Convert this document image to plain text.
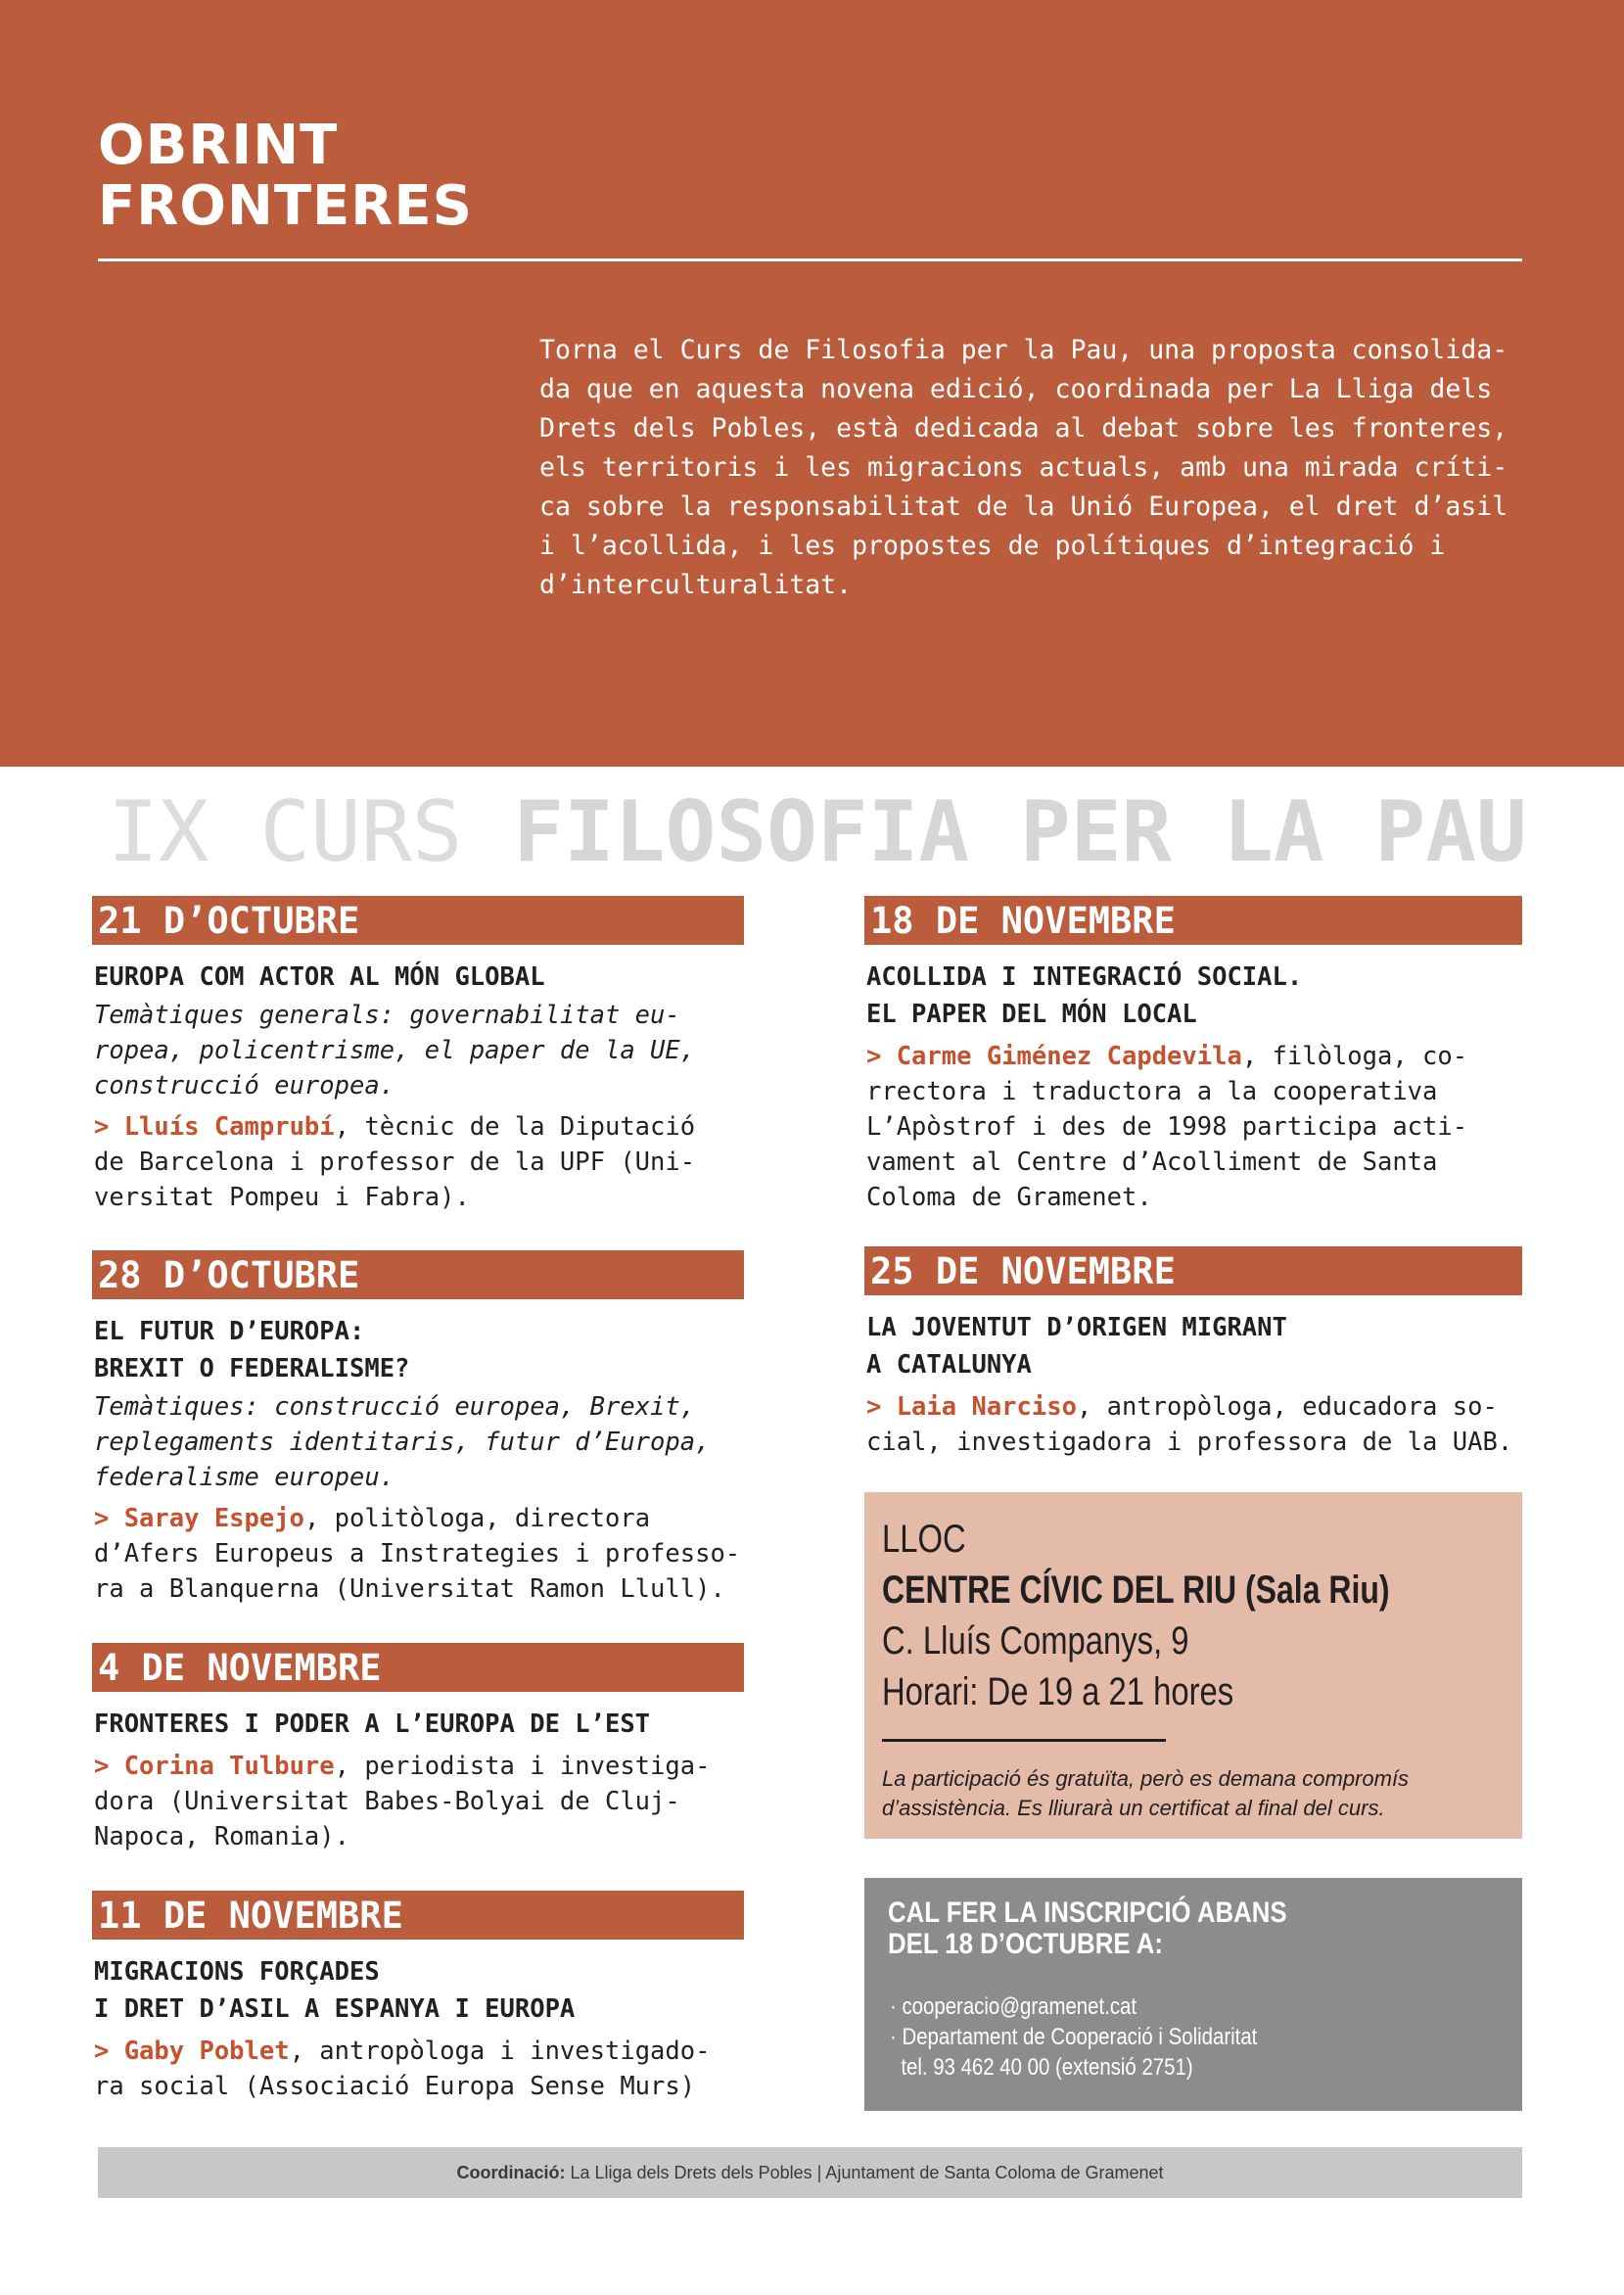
OBRINT
FRONTERES
Torna el Curs de Filosofia per la Pau, una proposta consolida-
da que en aquesta novena edició, coordinada per La Lliga dels
Drets dels Pobles, està dedicada al debat sobre les fronteres,
els territoris i les migracions actuals, amb una mirada críti-
ca sobre la responsabilitat de la Unió Europea, el dret d’asil
i l’acollida, i les propostes de polítiques d’integració i
d’interculturalitat.
IX CURS FILOSOFIA PER LA PAU
21 D’OCTUBRE
EUROPA COM ACTOR AL MÓN GLOBAL
Temàtiques generals: governabilitat eu-
ropea, policentrisme, el paper de la UE,
construcció europea.
> Lluís Camprubí, tècnic de la Diputació
de Barcelona i professor de la UPF (Uni-
versitat Pompeu i Fabra).
28 D’OCTUBRE
EL FUTUR D’EUROPA:
BREXIT O FEDERALISME?
Temàtiques: construcció europea, Brexit,
replegaments identitaris, futur d’Europa,
federalisme europeu.
> Saray Espejo, politòloga, directora
d’Afers Europeus a Instrategies i professo-
ra a Blanquerna (Universitat Ramon Llull).
4 DE NOVEMBRE
FRONTERES I PODER A L’EUROPA DE L’EST
> Corina Tulbure, periodista i investiga-
dora (Universitat Babes-Bolyai de Cluj-
Napoca, Romania).
11 DE NOVEMBRE
MIGRACIONS FORÇADES
I DRET D’ASIL A ESPANYA I EUROPA
> Gaby Poblet, antropòloga i investigado-
ra social (Associació Europa Sense Murs)
18 DE NOVEMBRE
ACOLLIDA I INTEGRACIÓ SOCIAL.
EL PAPER DEL MÓN LOCAL
> Carme Giménez Capdevila, filòloga, co-
rrectora i traductora a la cooperativa
L’Apòstrof i des de 1998 participa acti-
vament al Centre d’Acolliment de Santa
Coloma de Gramenet.
25 DE NOVEMBRE
LA JOVENTUT D’ORIGEN MIGRANT
A CATALUNYA
> Laia Narciso, antropòloga, educadora so-
cial, investigadora i professora de la UAB.
LLOC
CENTRE CÍVIC DEL RIU (Sala Riu)
C. Lluís Companys, 9
Horari: De 19 a 21 hores
La participació és gratuïta, però es demana compromís
d’assistència. Es lliurarà un certificat al final del curs.
CAL FER LA INSCRIPCIÓ ABANS
DEL 18 D’OCTUBRE A:
· cooperacio@gramenet.cat
· Departament de Cooperació i Solidaritat
tel. 93 462 40 00 (extensió 2751)
Coordinació: La Lliga dels Drets dels Pobles | Ajuntament de Santa Coloma de Gramenet
